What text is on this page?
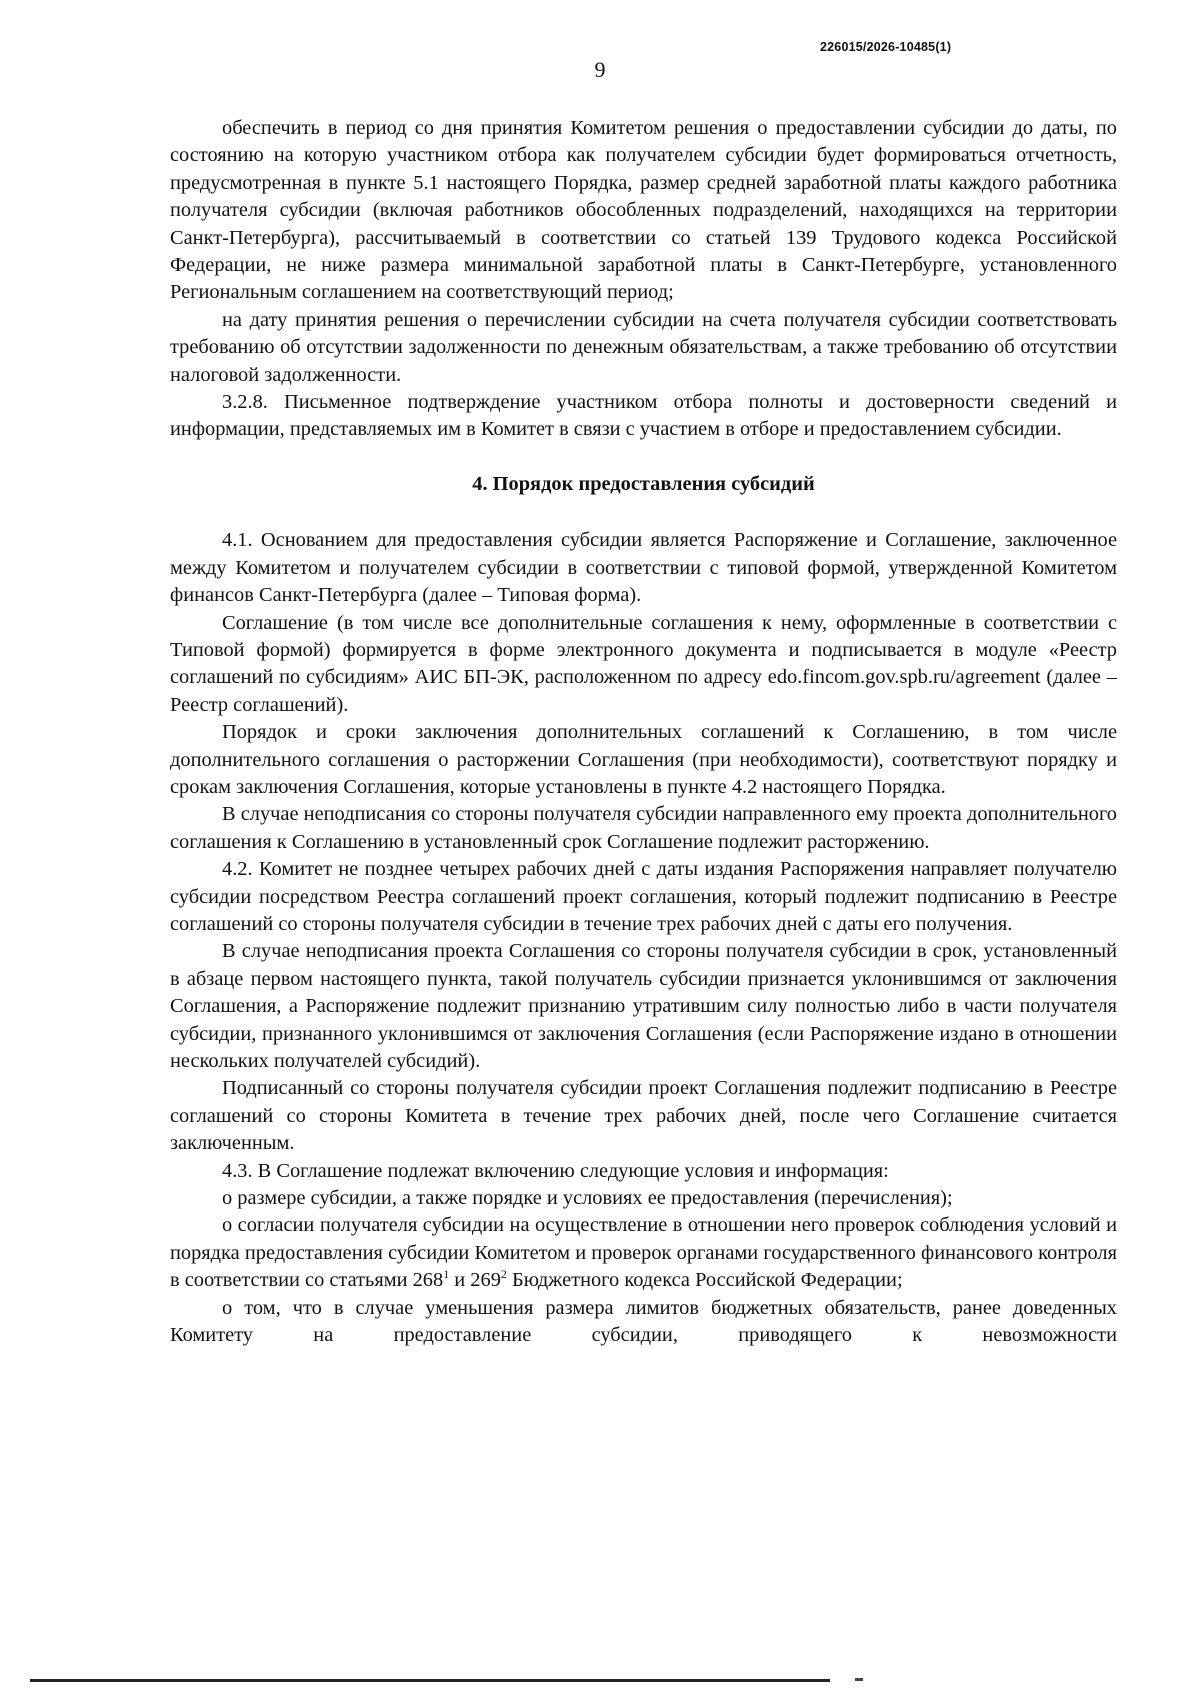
226015/2026-10485(1)
9

обеспечить в период со дня принятия Комитетом решения о предоставлении субсидии до даты, по состоянию на которую участником отбора как получателем субсидии будет формироваться отчетность, предусмотренная в пункте 5.1 настоящего Порядка, размер средней заработной платы каждого работника получателя субсидии (включая работников обособленных подразделений, находящихся на территории Санкт-Петербурга), рассчитываемый в соответствии со статьей 139 Трудового кодекса Российской Федерации, не ниже размера минимальной заработной платы в Санкт-Петербурге, установленного Региональным соглашением на соответствующий период;

на дату принятия решения о перечислении субсидии на счета получателя субсидии соответствовать требованию об отсутствии задолженности по денежным обязательствам, а также требованию об отсутствии налоговой задолженности.

3.2.8. Письменное подтверждение участником отбора полноты и достоверности сведений и информации, представляемых им в Комитет в связи с участием в отборе и предоставлением субсидии.

4. Порядок предоставления субсидий

4.1. Основанием для предоставления субсидии является Распоряжение и Соглашение, заключенное между Комитетом и получателем субсидии в соответствии с типовой формой, утвержденной Комитетом финансов Санкт-Петербурга (далее – Типовая форма).

Соглашение (в том числе все дополнительные соглашения к нему, оформленные в соответствии с Типовой формой) формируется в форме электронного документа и подписывается в модуле «Реестр соглашений по субсидиям» АИС БП-ЭК, расположенном по адресу edo.fincom.gov.spb.ru/agreement (далее – Реестр соглашений).

Порядок и сроки заключения дополнительных соглашений к Соглашению, в том числе дополнительного соглашения о расторжении Соглашения (при необходимости), соответствуют порядку и срокам заключения Соглашения, которые установлены в пункте 4.2 настоящего Порядка.

В случае неподписания со стороны получателя субсидии направленного ему проекта дополнительного соглашения к Соглашению в установленный срок Соглашение подлежит расторжению.

4.2. Комитет не позднее четырех рабочих дней с даты издания Распоряжения направляет получателю субсидии посредством Реестра соглашений проект соглашения, который подлежит подписанию в Реестре соглашений со стороны получателя субсидии в течение трех рабочих дней с даты его получения.

В случае неподписания проекта Соглашения со стороны получателя субсидии в срок, установленный в абзаце первом настоящего пункта, такой получатель субсидии признается уклонившимся от заключения Соглашения, а Распоряжение подлежит признанию утратившим силу полностью либо в части получателя субсидии, признанного уклонившимся от заключения Соглашения (если Распоряжение издано в отношении нескольких получателей субсидий).

Подписанный со стороны получателя субсидии проект Соглашения подлежит подписанию в Реестре соглашений со стороны Комитета в течение трех рабочих дней, после чего Соглашение считается заключенным.

4.3. В Соглашение подлежат включению следующие условия и информация:

о размере субсидии, а также порядке и условиях ее предоставления (перечисления);

о согласии получателя субсидии на осуществление в отношении него проверок соблюдения условий и порядка предоставления субсидии Комитетом и проверок органами государственного финансового контроля в соответствии со статьями $268^1$ и $269^2$ Бюджетного кодекса Российской Федерации;

о том, что в случае уменьшения размера лимитов бюджетных обязательств, ранее доведенных Комитету на предоставление субсидии, приводящего к невозможности
